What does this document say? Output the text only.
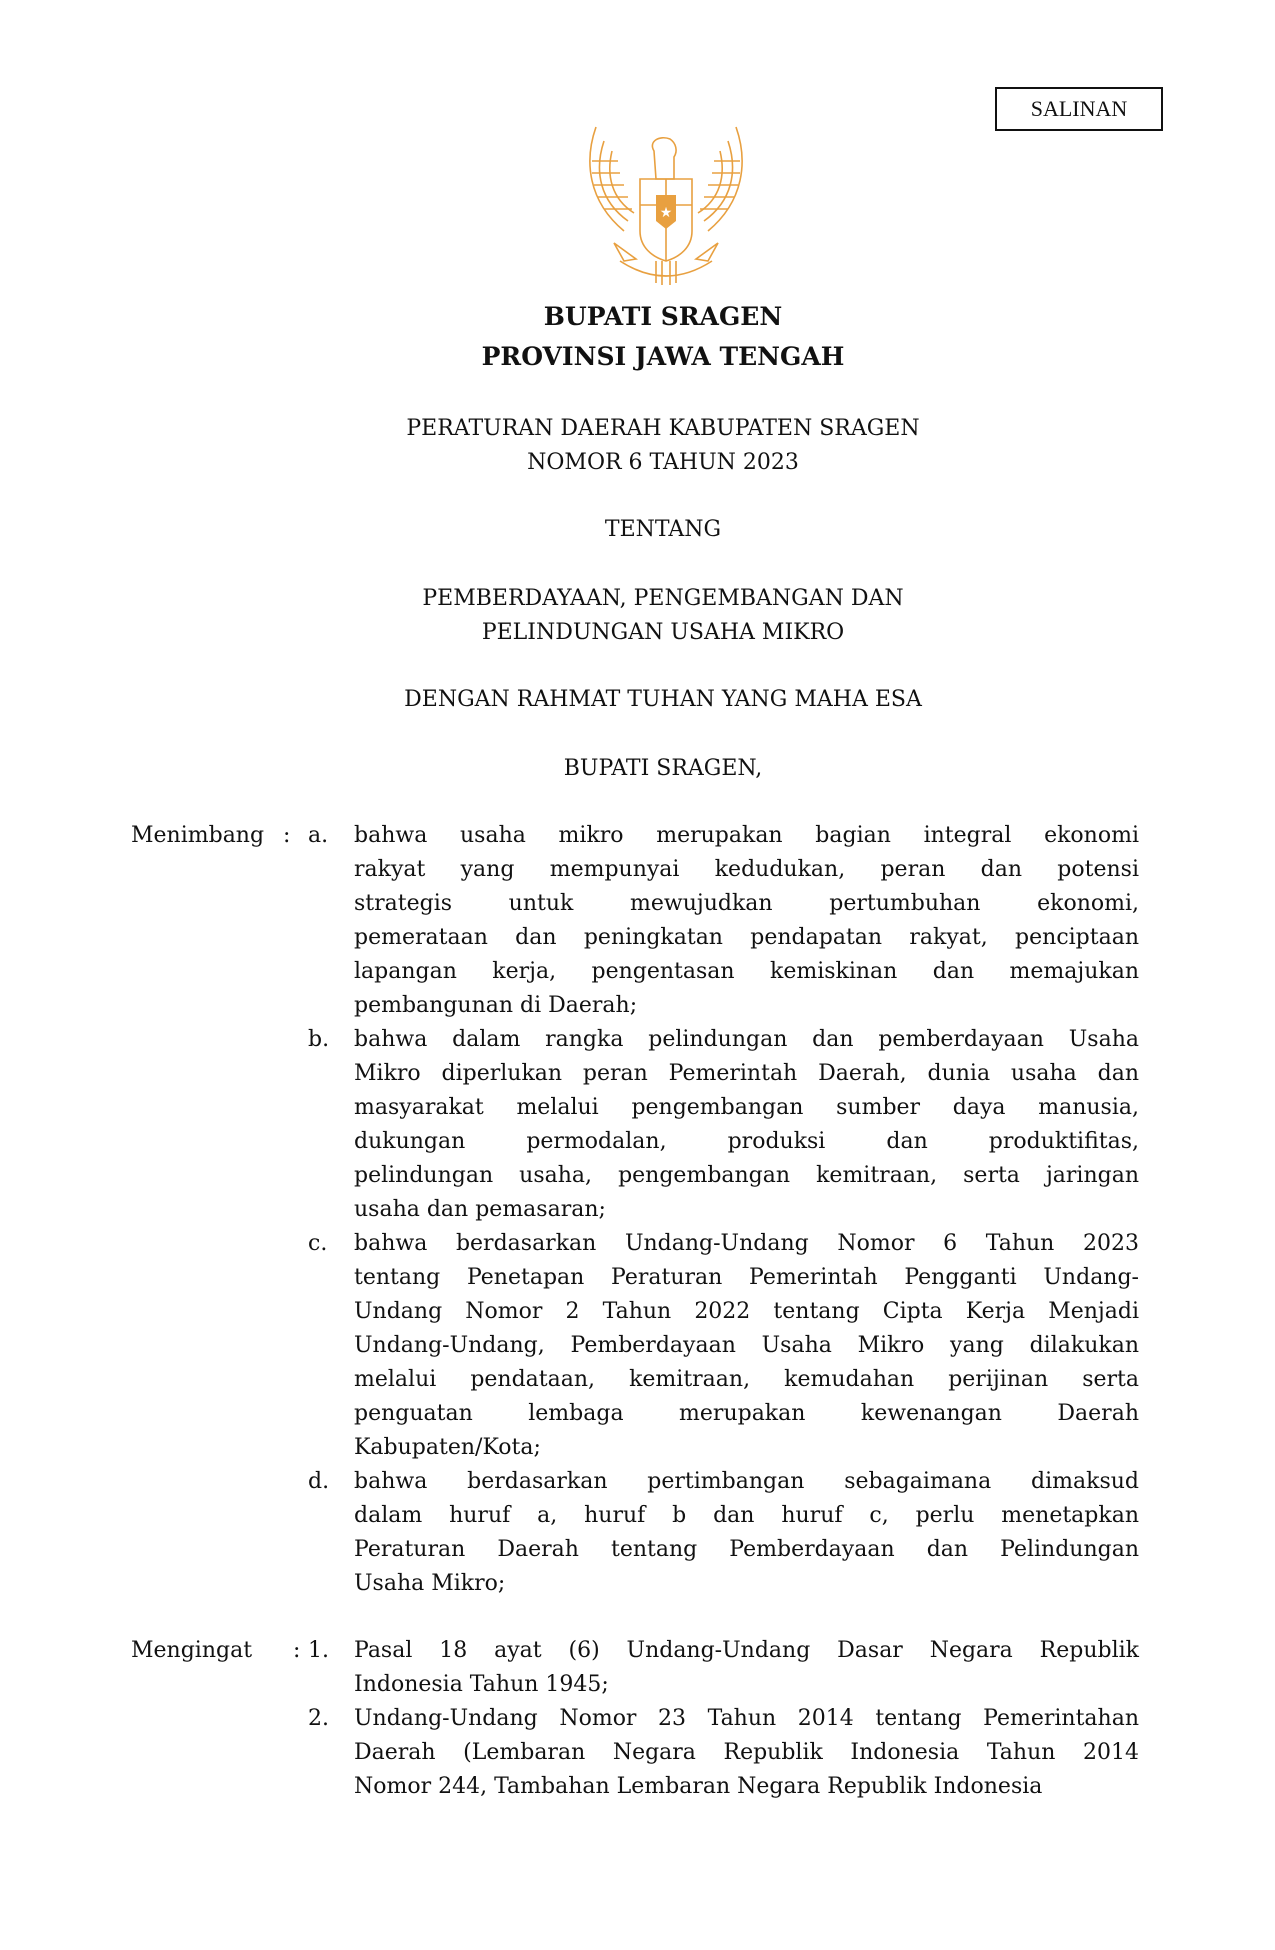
SALINAN
★
BUPATI SRAGEN
PROVINSI JAWA TENGAH
PERATURAN DAERAH KABUPATEN SRAGEN
NOMOR 6 TAHUN 2023
TENTANG
PEMBERDAYAAN, PENGEMBANGAN DAN
PELINDUNGAN USAHA MIKRO
DENGAN RAHMAT TUHAN YANG MAHA ESA
BUPATI SRAGEN,
Menimbang : a. bahwa usaha mikro merupakan bagian integral ekonomi
rakyat yang mempunyai kedudukan, peran dan potensi
strategis untuk mewujudkan pertumbuhan ekonomi,
pemerataan dan peningkatan pendapatan rakyat, penciptaan
lapangan kerja, pengentasan kemiskinan dan memajukan
pembangunan di Daerah;
b. bahwa dalam rangka pelindungan dan pemberdayaan Usaha
Mikro diperlukan peran Pemerintah Daerah, dunia usaha dan
masyarakat melalui pengembangan sumber daya manusia,
dukungan permodalan, produksi dan produktifitas,
pelindungan usaha, pengembangan kemitraan, serta jaringan
usaha dan pemasaran;
c. bahwa berdasarkan Undang-Undang Nomor 6 Tahun 2023
tentang Penetapan Peraturan Pemerintah Pengganti Undang-
Undang Nomor 2 Tahun 2022 tentang Cipta Kerja Menjadi
Undang-Undang, Pemberdayaan Usaha Mikro yang dilakukan
melalui pendataan, kemitraan, kemudahan perijinan serta
penguatan lembaga merupakan kewenangan Daerah
Kabupaten/Kota;
d. bahwa berdasarkan pertimbangan sebagaimana dimaksud
dalam huruf a, huruf b dan huruf c, perlu menetapkan
Peraturan Daerah tentang Pemberdayaan dan Pelindungan
Usaha Mikro;
Mengingat : 1. Pasal 18 ayat (6) Undang-Undang Dasar Negara Republik
Indonesia Tahun 1945;
2. Undang-Undang Nomor 23 Tahun 2014 tentang Pemerintahan
Daerah (Lembaran Negara Republik Indonesia Tahun 2014
Nomor 244, Tambahan Lembaran Negara Republik Indonesia
